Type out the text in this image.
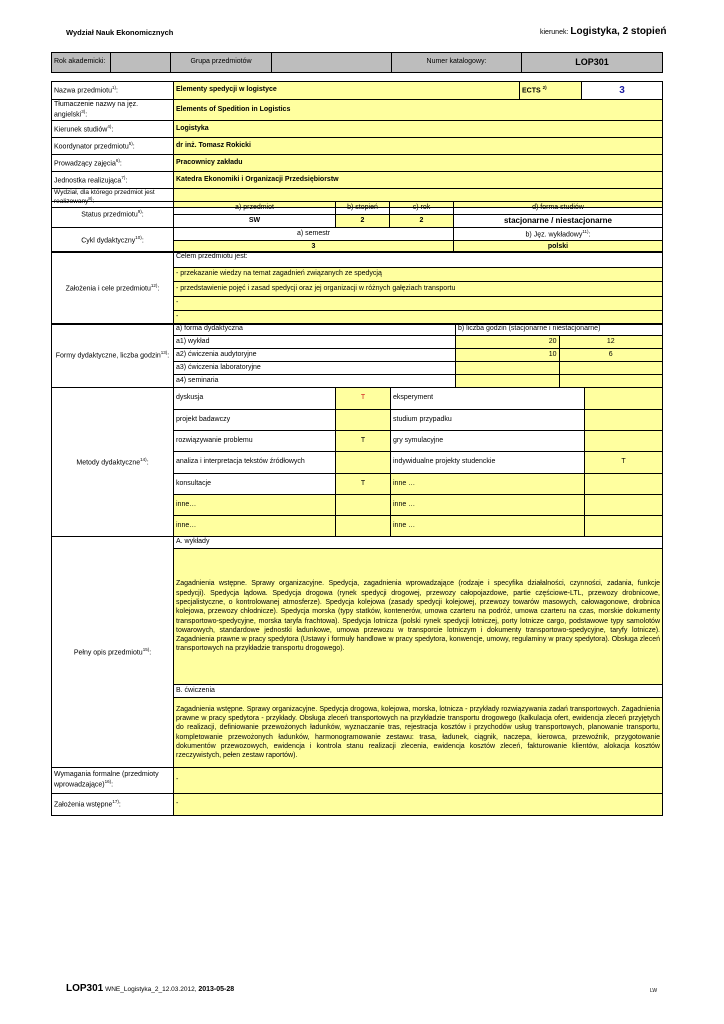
Wydział Nauk Ekonomicznych	kierunek: Logistyka, 2 stopień
Rok akademicki:		Grupa przedmiotów		Numer katalogowy:	LOP301
Nazwa przedmiotu$^{1)}$:	Elementy spedycji w logistyce	ECTS $^{2)}$	3
Tłumaczenie nazwy na jęz. angielski$^{3)}$:	Elements of Spedition in Logistics		
Kierunek studiów$^{4)}$:	Logistyka		
Koordynator przedmiotu$^{5)}$:	dr inż. Tomasz Rokicki		
Prowadzący zajęcia$^{6)}$:	Pracownicy zakładu		
Jednostka realizująca$^{7)}$:	Katedra Ekonomiki i Organizacji Przedsiębiorstw		
Wydział, dla którego przedmiot jest realizowany$^{8)}$:			
Status przedmiotu$^{9)}$:	a) przedmiot	b) stopień	c) rok	d) forma studiów
	SW	2	2	stacjonarne / niestacjonarne
Cykl dydaktyczny$^{10)}$:	a) semestr			b) Jęz. wykładowy$^{11)}$:
	3			polski
Założenia i cele przedmiotu$^{12)}$:	Celem przedmiotu jest:
- przekazanie wiedzy na temat zagadnień związanych ze spedycją
- przedstawienie pojęć i zasad spedycji oraz jej organizacji w różnych gałęziach transportu
-
-
Formy dydaktyczne, liczba godzin$^{13)}$:	a) forma dydaktyczna	b) liczba godzin (stacjonarne i niestacjonarne)	
	a1) wykład	20	12
	a2) ćwiczenia audytoryjne	10	6
	a3) ćwiczenia laboratoryjne		
	a4) seminaria		
Metody dydaktyczne$^{14)}$:	dyskusja	T	eksperyment	
	projekt badawczy		studium przypadku	
	rozwiązywanie problemu	T	gry symulacyjne	
	analiza i interpretacja tekstów źródłowych		indywidualne projekty studenckie	T
	konsultacje	T	inne …	
	inne…		inne …	
	inne…		inne …	
Pełny opis przedmiotu$^{15)}$:	A. wykłady
Zagadnienia wstępne. Sprawy organizacyjne. Spedycja, zagadnienia wprowadzające (rodzaje i specyfika działalności, czynności, zadania, funkcje spedycji). Spedycja lądowa. Spedycja drogowa (rynek spedycji drogowej, przewozy całopojazdowe, partie częściowe-LTL, przewozy drobnicowe, specjalistyczne, o kontrolowanej atmosferze). Spedycja kolejowa (zasady spedycji kolejowej, przewozy towarów masowych, całowagonowe, drobnica kolejowa, przewozy chłodnicze). Spedycja morska (typy statków, kontenerów, umowa czarteru na podróż, umowa czarteru na czas, morskie dokumenty transportowo-spedycyjne, morska taryfa frachtowa). Spedycja lotnicza (polski rynek spedycji lotniczej, porty lotnicze cargo, podstawowe typy samolotów towarowych, standardowe jednostki ładunkowe, umowa przewozu w transporcie lotniczym i dokumenty transportowo-spedycyjne, taryfy lotnicze). Zagadnienia prawne w pracy spedytora (Ustawy i formuły handlowe w pracy spedytora, konwencje, umowy, regulaminy w pracy spedytora). Obsługa zleceń transportowych na przykładzie transportu drogowego).
B. ćwiczenia
Zagadnienia wstępne. Sprawy organizacyjne. Spedycja drogowa, kolejowa, morska, lotnicza - przykłady rozwiązywania zadań transportowych. Zagadnienia prawne w pracy spedytora - przykłady. Obsługa zleceń transportowych na przykładzie transportu drogowego (kalkulacja ofert, ewidencja zleceń przyjętych do realizacji, definiowanie przewożonych ładunków, wyznaczanie tras, rejestracja kosztów i przychodów usług transportowych, planowanie transportu, kompletowanie przewożonych ładunków, harmonogramowanie zestawu: trasa, ładunek, ciągnik, naczepa, kierowca, przewoźnik, przygotowanie dokumentów przewozowych, ewidencja i kontrola stanu realizacji zlecenia, ewidencja kosztów zleceń, fakturowanie klientów, alokacja kosztów rzeczywistych, pełen zestaw raportów).
Wymagania formalne (przedmioty wprowadzające)$^{16)}$:	-
Założenia wstępne$^{17)}$:	-
LOP301 WNE_Logistyka_2_12.03.2012, 2013-05-28	LW
